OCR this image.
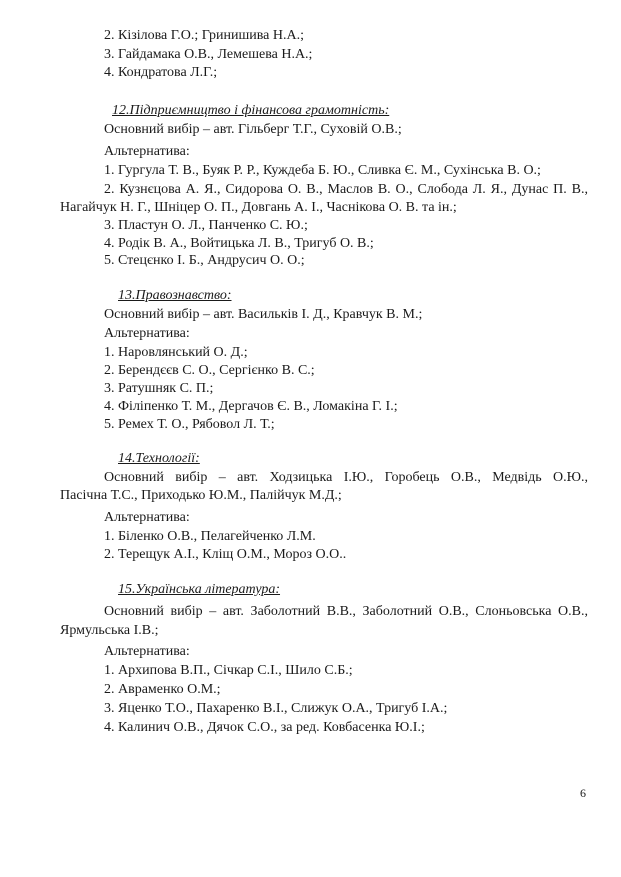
2. Кізілова Г.О.; Гринишива Н.А.;
3. Гайдамака О.В., Лемешева Н.А.;
4. Кондратова Л.Г.;
12.Підприємництво і фінансова грамотність:
Основний вибір – авт. Гільберг Т.Г., Суховій О.В.;
Альтернатива:
1. Гургула Т. В., Буяк Р. Р., Куждеба Б. Ю., Сливка Є. М., Сухінська В. О.;
2. Кузнєцова А. Я., Сидорова О. В., Маслов В. О., Слобода Л. Я., Дунас П. В.,
Нагайчук Н. Г., Шніцер О. П., Довгань А. І., Часнікова О. В. та ін.;
3. Пластун О. Л., Панченко С. Ю.;
4. Родік В. А., Войтицька Л. В., Тригуб О. В.;
5. Стецєнко І. Б., Андрусич О. О.;
13.Правознавство:
Основний вибір – авт. Васильків І. Д., Кравчук В. М.;
Альтернатива:
1. Наровлянський О. Д.;
2. Берендєєв С. О., Сергієнко В. С.;
3. Ратушняк С. П.;
4. Філіпенко Т. М., Дергачов Є. В., Ломакіна Г. І.;
5. Ремех Т. О., Рябовол Л. Т.;
14.Технології:
Основний вибір – авт. Ходзицька І.Ю., Горобець О.В., Медвідь О.Ю.,
Пасічна Т.С., Приходько Ю.М., Палійчук М.Д.;
Альтернатива:
1. Біленко О.В., Пелагейченко Л.М.
2. Терещук А.І., Кліщ О.М., Мороз О.О..
15.Українська література:
Основний вибір – авт. Заболотний В.В., Заболотний О.В., Слоньовська О.В.,
Ярмульська І.В.;
Альтернатива:
1. Архипова В.П., Січкар С.І., Шило С.Б.;
2. Авраменко О.М.;
3. Яценко Т.О., Пахаренко В.І., Слижук О.А., Тригуб І.А.;
4. Калинич О.В., Дячок С.О., за ред. Ковбасенка Ю.І.;
6
